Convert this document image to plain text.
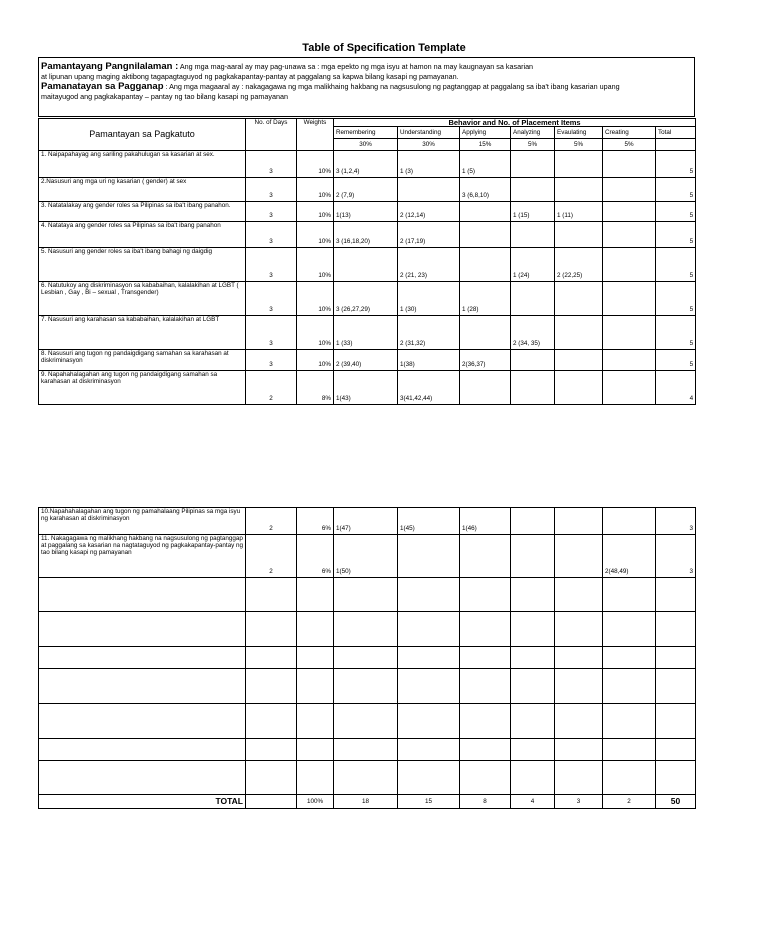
Table of Specification Template
Pamantayang Pangnilalaman : Ang mga mag-aaral ay may pag-unawa sa : mga epekto ng mga isyu at hamon na may kaugnayan sa kasarian
at lipunan upang maging aktibong tagapagtaguyod ng pagkakapantay-pantay at paggalang sa kapwa bilang kasapi ng pamayanan.
Pamanatayan sa Pagganap : Ang mga magaaral ay : nakagagawa ng mga malikhaing hakbang na nagsusulong ng pagtanggap at paggalang sa iba't ibang kasarian upang
maitayugod ang pagkakapantay – pantay ng tao bilang kasapi ng pamayanan
Pamantayan sa Pagkatuto	No. of Days	Weights	Behavior and No. of Placement Items						
			Remembering	Understanding	Applying	Analyzing	Evaulating	Creating	Total
			30%	30%	15%	5%	5%	5%	
1. Naipapahayag ang sariling pakahulugan sa kasarian at sex.	3	10%	3 (1,2,4)	1 (3)	1 (5)				5
2.Nasusuri ang mga uri ng kasarian ( gender) at sex	3	10%	2 (7,9)		3 (6,8,10)				5
3. Natatalakay ang gender roles sa Pilipinas sa iba't ibang panahon.	3	10%	1(13)	2 (12,14)		1 (15)	1 (11)		5
4. Natataya ang gender roles sa Pilipinas sa iba't ibang panahon	3	10%	3 (16,18,20)	2 (17,19)					5
5. Nasusuri ang gender roles sa iba't ibang bahagi ng daigdig	3	10%		2 (21, 23)		1 (24)	2 (22,25)		5
6. Natutukoy ang diskriminasyon sa kababaihan, kalalakihan at LGBT ( Lesbian , Gay , Bi – sexual , Transgender)	3	10%	3 (26,27,29)	1 (30)	1 (28)				5
7. Nasusuri ang karahasan sa kababaihan, kalalakihan at LGBT	3	10%	1 (33)	2 (31,32)		2 (34, 35)			5
8. Nasusuri ang tugon ng pandaigdigang samahan sa karahasan at diskriminasyon	3	10%	2 (39,40)	1(38)	2(36,37)				5
9. Napahahalagahan ang tugon ng pandaigdigang samahan sa karahasan at diskriminasyon	2	8%	1(43)	3(41,42,44)					4
10.Napahahalagahan ang tugon ng pamahalaang Pilipinas sa mga isyu ng karahasan at diskriminasyon	2	6%	1(47)	1(45)	1(46)				3
11. Nakagagawa ng malikhang hakbang na nagsusulong ng pagtanggap at paggalang sa kasarian na nagtataguyod ng pagkakapantay-pantay ng tao bilang kasapi ng pamayanan	2	6%	1(50)					2(48,49)	3

TOTAL		100%	18	15	8	4	3	2	50
